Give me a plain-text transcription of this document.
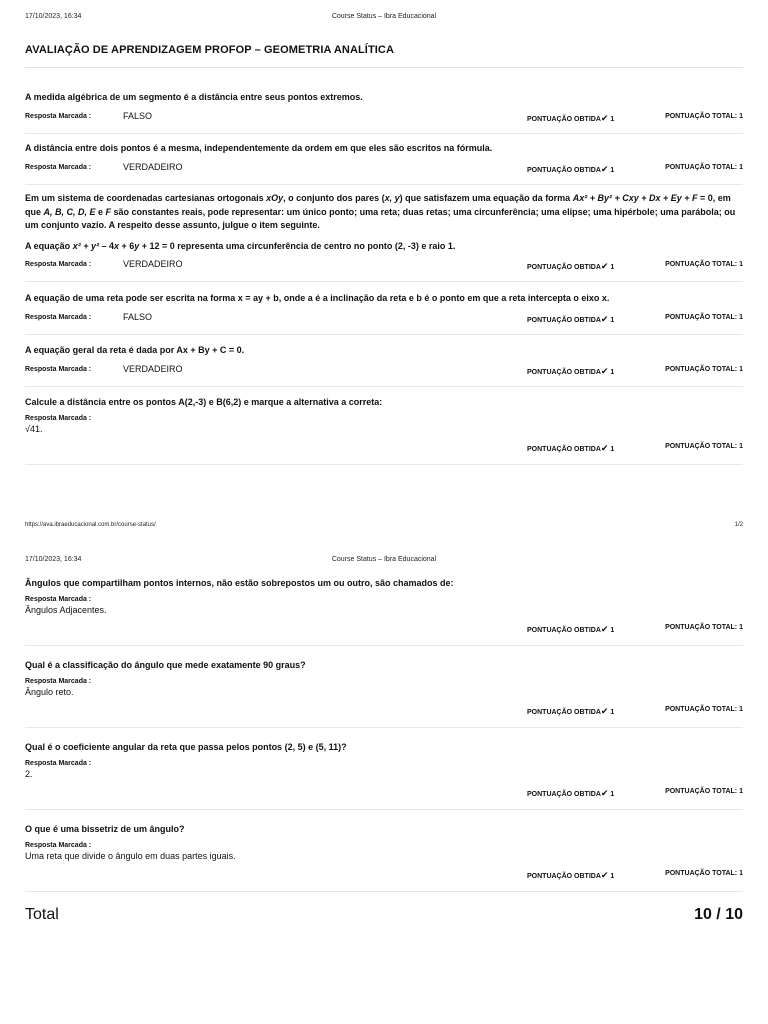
17/10/2023, 16:34	Course Status – Ibra Educacional
AVALIAÇÃO DE APRENDIZAGEM PROFOP – GEOMETRIA ANALÍTICA
A medida algébrica de um segmento é a distância entre seus pontos extremos.
Resposta Marcada :	FALSO	PONTUAÇÃO OBTIDA✔ 1	PONTUAÇÃO TOTAL: 1
A distância entre dois pontos é a mesma, independentemente da ordem em que eles são escritos na fórmula.
Resposta Marcada :	VERDADEIRO	PONTUAÇÃO OBTIDA✔ 1	PONTUAÇÃO TOTAL: 1
Em um sistema de coordenadas cartesianas ortogonais xOy, o conjunto dos pares (x, y) que satisfazem uma equação da forma Ax² + By² + Cxy + Dx + Ey + F = 0, em que A, B, C, D, E e F são constantes reais, pode representar: um único ponto; uma reta; duas retas; uma circunferência; uma elipse; uma hipérbole; uma parábola; ou um conjunto vazio. A respeito desse assunto, julgue o item seguinte.
A equação x² + y² – 4x + 6y + 12 = 0 representa uma circunferência de centro no ponto (2, -3) e raio 1.
Resposta Marcada :	VERDADEIRO	PONTUAÇÃO OBTIDA✔ 1	PONTUAÇÃO TOTAL: 1
A equação de uma reta pode ser escrita na forma x = ay + b, onde a é a inclinação da reta e b é o ponto em que a reta intercepta o eixo x.
Resposta Marcada :	FALSO	PONTUAÇÃO OBTIDA✔ 1	PONTUAÇÃO TOTAL: 1
A equação geral da reta é dada por Ax + By + C = 0.
Resposta Marcada :	VERDADEIRO	PONTUAÇÃO OBTIDA✔ 1	PONTUAÇÃO TOTAL: 1
Calcule a distância entre os pontos A(2,-3) e B(6,2) e marque a alternativa a correta:
Resposta Marcada :
√41.
PONTUAÇÃO OBTIDA✔ 1	PONTUAÇÃO TOTAL: 1
https://ava.ibraeducacional.com.br/course-status/	1/2
17/10/2023, 16:34	Course Status – Ibra Educacional
Ângulos que compartilham pontos internos, não estão sobrepostos um ou outro, são chamados de:
Resposta Marcada :
Ângulos Adjacentes.
PONTUAÇÃO OBTIDA✔ 1	PONTUAÇÃO TOTAL: 1
Qual é a classificação do ângulo que mede exatamente 90 graus?
Resposta Marcada :
Ângulo reto.
PONTUAÇÃO OBTIDA✔ 1	PONTUAÇÃO TOTAL: 1
Qual é o coeficiente angular da reta que passa pelos pontos (2, 5) e (5, 11)?
Resposta Marcada :
2.
PONTUAÇÃO OBTIDA✔ 1	PONTUAÇÃO TOTAL: 1
O que é uma bissetriz de um ângulo?
Resposta Marcada :
Uma reta que divide o ângulo em duas partes iguais.
PONTUAÇÃO OBTIDA✔ 1	PONTUAÇÃO TOTAL: 1
Total	10 / 10
